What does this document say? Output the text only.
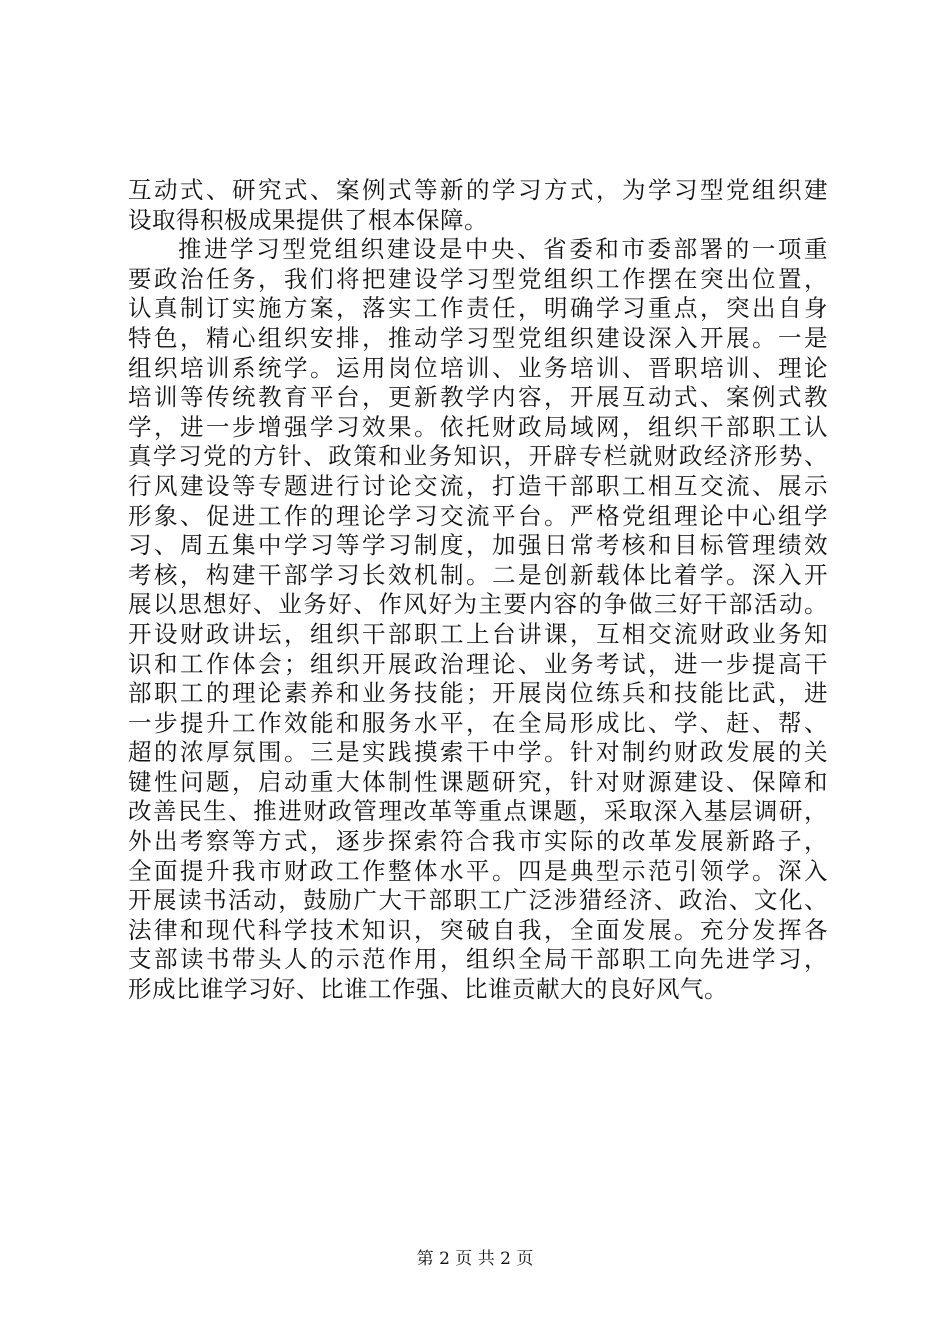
互动式、研究式、案例式等新的学习方式，为学习型党组织建
设取得积极成果提供了根本保障。
推进学习型党组织建设是中央、省委和市委部署的一项重
要政治任务，我们将把建设学习型党组织工作摆在突出位置，
认真制订实施方案，落实工作责任，明确学习重点，突出自身
特色，精心组织安排，推动学习型党组织建设深入开展。一是
组织培训系统学。运用岗位培训、业务培训、晋职培训、理论
培训等传统教育平台，更新教学内容，开展互动式、案例式教
学，进一步增强学习效果。依托财政局域网，组织干部职工认
真学习党的方针、政策和业务知识，开辟专栏就财政经济形势、
行风建设等专题进行讨论交流，打造干部职工相互交流、展示
形象、促进工作的理论学习交流平台。严格党组理论中心组学
习、周五集中学习等学习制度，加强日常考核和目标管理绩效
考核，构建干部学习长效机制。二是创新载体比着学。深入开
展以思想好、业务好、作风好为主要内容的争做三好干部活动。
开设财政讲坛，组织干部职工上台讲课，互相交流财政业务知
识和工作体会；组织开展政治理论、业务考试，进一步提高干
部职工的理论素养和业务技能；开展岗位练兵和技能比武，进
一步提升工作效能和服务水平，在全局形成比、学、赶、帮、
超的浓厚氛围。三是实践摸索干中学。针对制约财政发展的关
键性问题，启动重大体制性课题研究，针对财源建设、保障和
改善民生、推进财政管理改革等重点课题，采取深入基层调研，
外出考察等方式，逐步探索符合我市实际的改革发展新路子，
全面提升我市财政工作整体水平。四是典型示范引领学。深入
开展读书活动，鼓励广大干部职工广泛涉猎经济、政治、文化、
法律和现代科学技术知识，突破自我，全面发展。充分发挥各
支部读书带头人的示范作用，组织全局干部职工向先进学习，
形成比谁学习好、比谁工作强、比谁贡献大的良好风气。
第 2 页 共 2 页
